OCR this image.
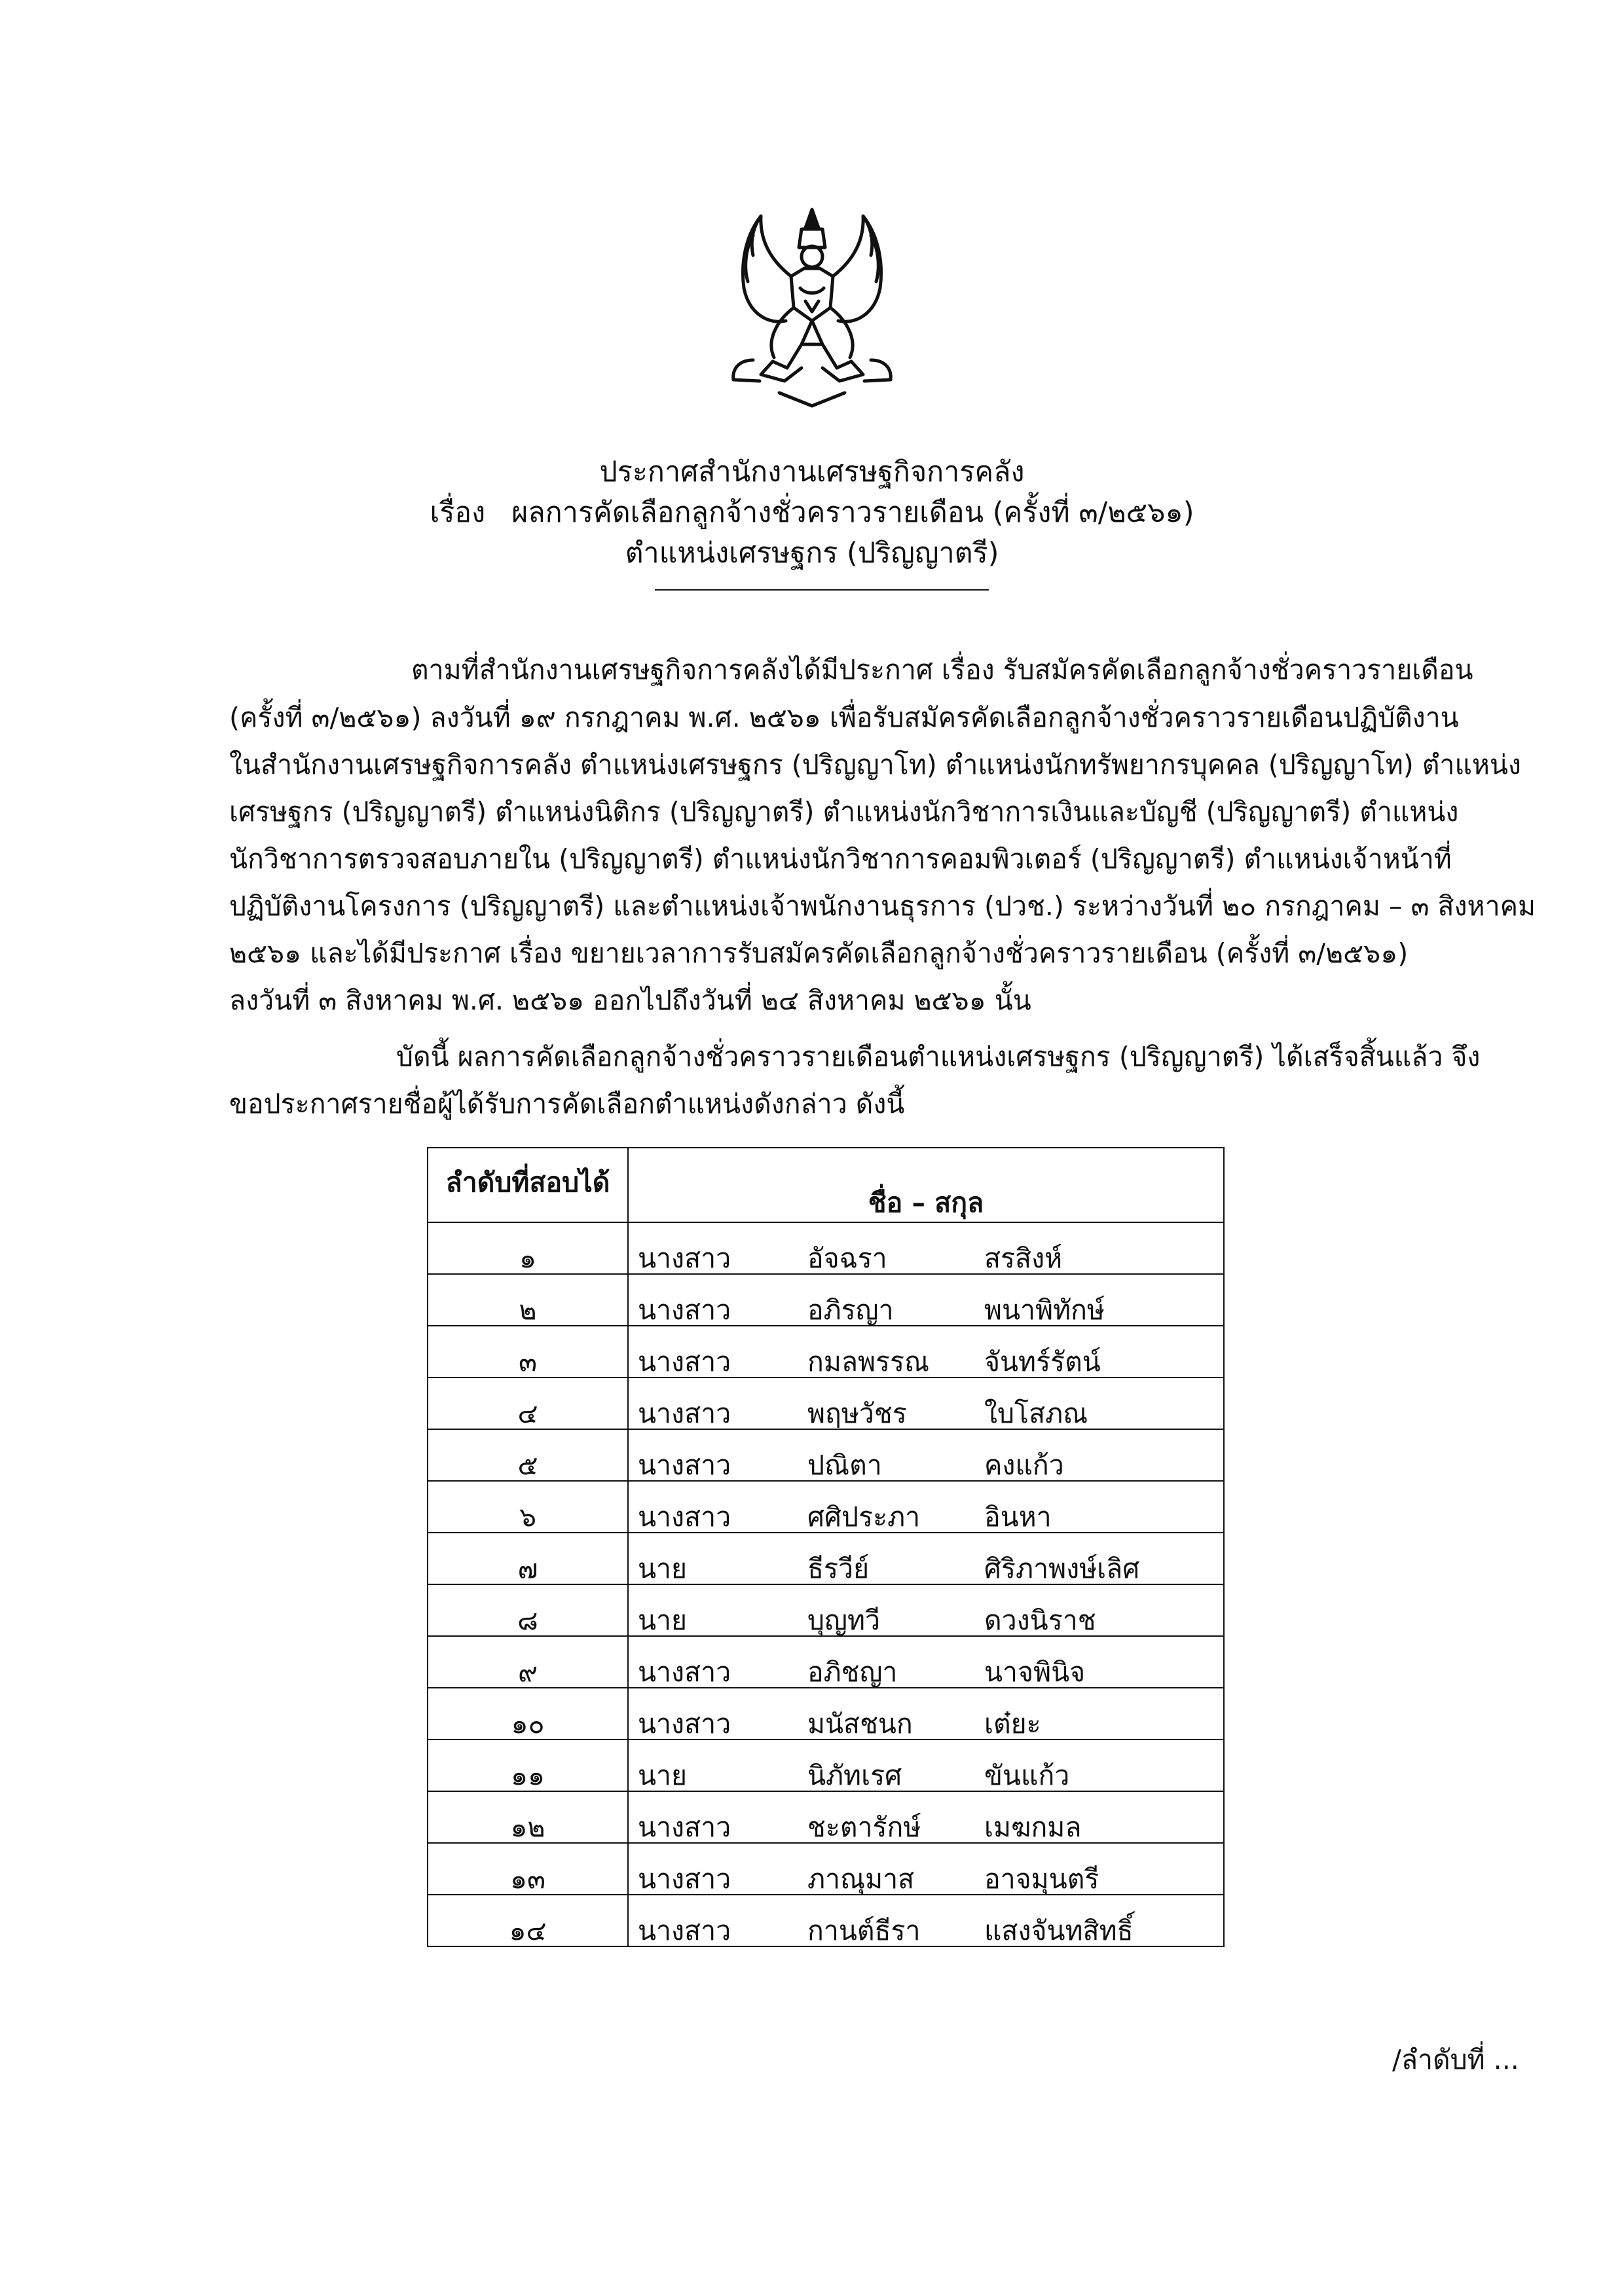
ประกาศสำนักงานเศรษฐกิจการคลัง
เรื่อง ผลการคัดเลือกลูกจ้างชั่วคราวรายเดือน (ครั้งที่ ๓/๒๕๖๑)
ตำแหน่งเศรษฐกร (ปริญญาตรี)
ตามที่สำนักงานเศรษฐกิจการคลังได้มีประกาศ เรื่อง รับสมัครคัดเลือกลูกจ้างชั่วคราวรายเดือน
(ครั้งที่ ๓/๒๕๖๑) ลงวันที่ ๑๙ กรกฎาคม พ.ศ. ๒๕๖๑ เพื่อรับสมัครคัดเลือกลูกจ้างชั่วคราวรายเดือนปฏิบัติงาน
ในสำนักงานเศรษฐกิจการคลัง ตำแหน่งเศรษฐกร (ปริญญาโท) ตำแหน่งนักทรัพยากรบุคคล (ปริญญาโท) ตำแหน่ง
เศรษฐกร (ปริญญาตรี) ตำแหน่งนิติกร (ปริญญาตรี) ตำแหน่งนักวิชาการเงินและบัญชี (ปริญญาตรี) ตำแหน่ง
นักวิชาการตรวจสอบภายใน (ปริญญาตรี) ตำแหน่งนักวิชาการคอมพิวเตอร์ (ปริญญาตรี) ตำแหน่งเจ้าหน้าที่
ปฏิบัติงานโครงการ (ปริญญาตรี) และตำแหน่งเจ้าพนักงานธุรการ (ปวช.) ระหว่างวันที่ ๒๐ กรกฎาคม – ๓ สิงหาคม
๒๕๖๑ และได้มีประกาศ เรื่อง ขยายเวลาการรับสมัครคัดเลือกลูกจ้างชั่วคราวรายเดือน (ครั้งที่ ๓/๒๕๖๑)
ลงวันที่ ๓ สิงหาคม พ.ศ. ๒๕๖๑ ออกไปถึงวันที่ ๒๔ สิงหาคม ๒๕๖๑ นั้น
บัดนี้ ผลการคัดเลือกลูกจ้างชั่วคราวรายเดือนตำแหน่งเศรษฐกร (ปริญญาตรี) ได้เสร็จสิ้นแล้ว จึง
ขอประกาศรายชื่อผู้ได้รับการคัดเลือกตำแหน่งดังกล่าว ดังนี้
ลำดับที่สอบได้	ชื่อ – สกุล		
๑	นางสาว	อัจฉรา	สรสิงห์
๒	นางสาว	อภิรญา	พนาพิทักษ์
๓	นางสาว	กมลพรรณ	จันทร์รัตน์
๔	นางสาว	พฤษวัชร	ใบโสภณ
๕	นางสาว	ปณิตา	คงแก้ว
๖	นางสาว	ศศิประภา	อินหา
๗	นาย	ธีรวีย์	ศิริภาพงษ์เลิศ
๘	นาย	บุญทวี	ดวงนิราช
๙	นางสาว	อภิชญา	นาจพินิจ
๑๐	นางสาว	มนัสชนก	เต๋ยะ
๑๑	นาย	นิภัทเรศ	ขันแก้ว
๑๒	นางสาว	ชะตารักษ์	เมฆกมล
๑๓	นางสาว	ภาณุมาส	อาจมุนตรี
๑๔	นางสาว	กานต์ธีรา	แสงจันทสิทธิ์
/ลำดับที่ ...
